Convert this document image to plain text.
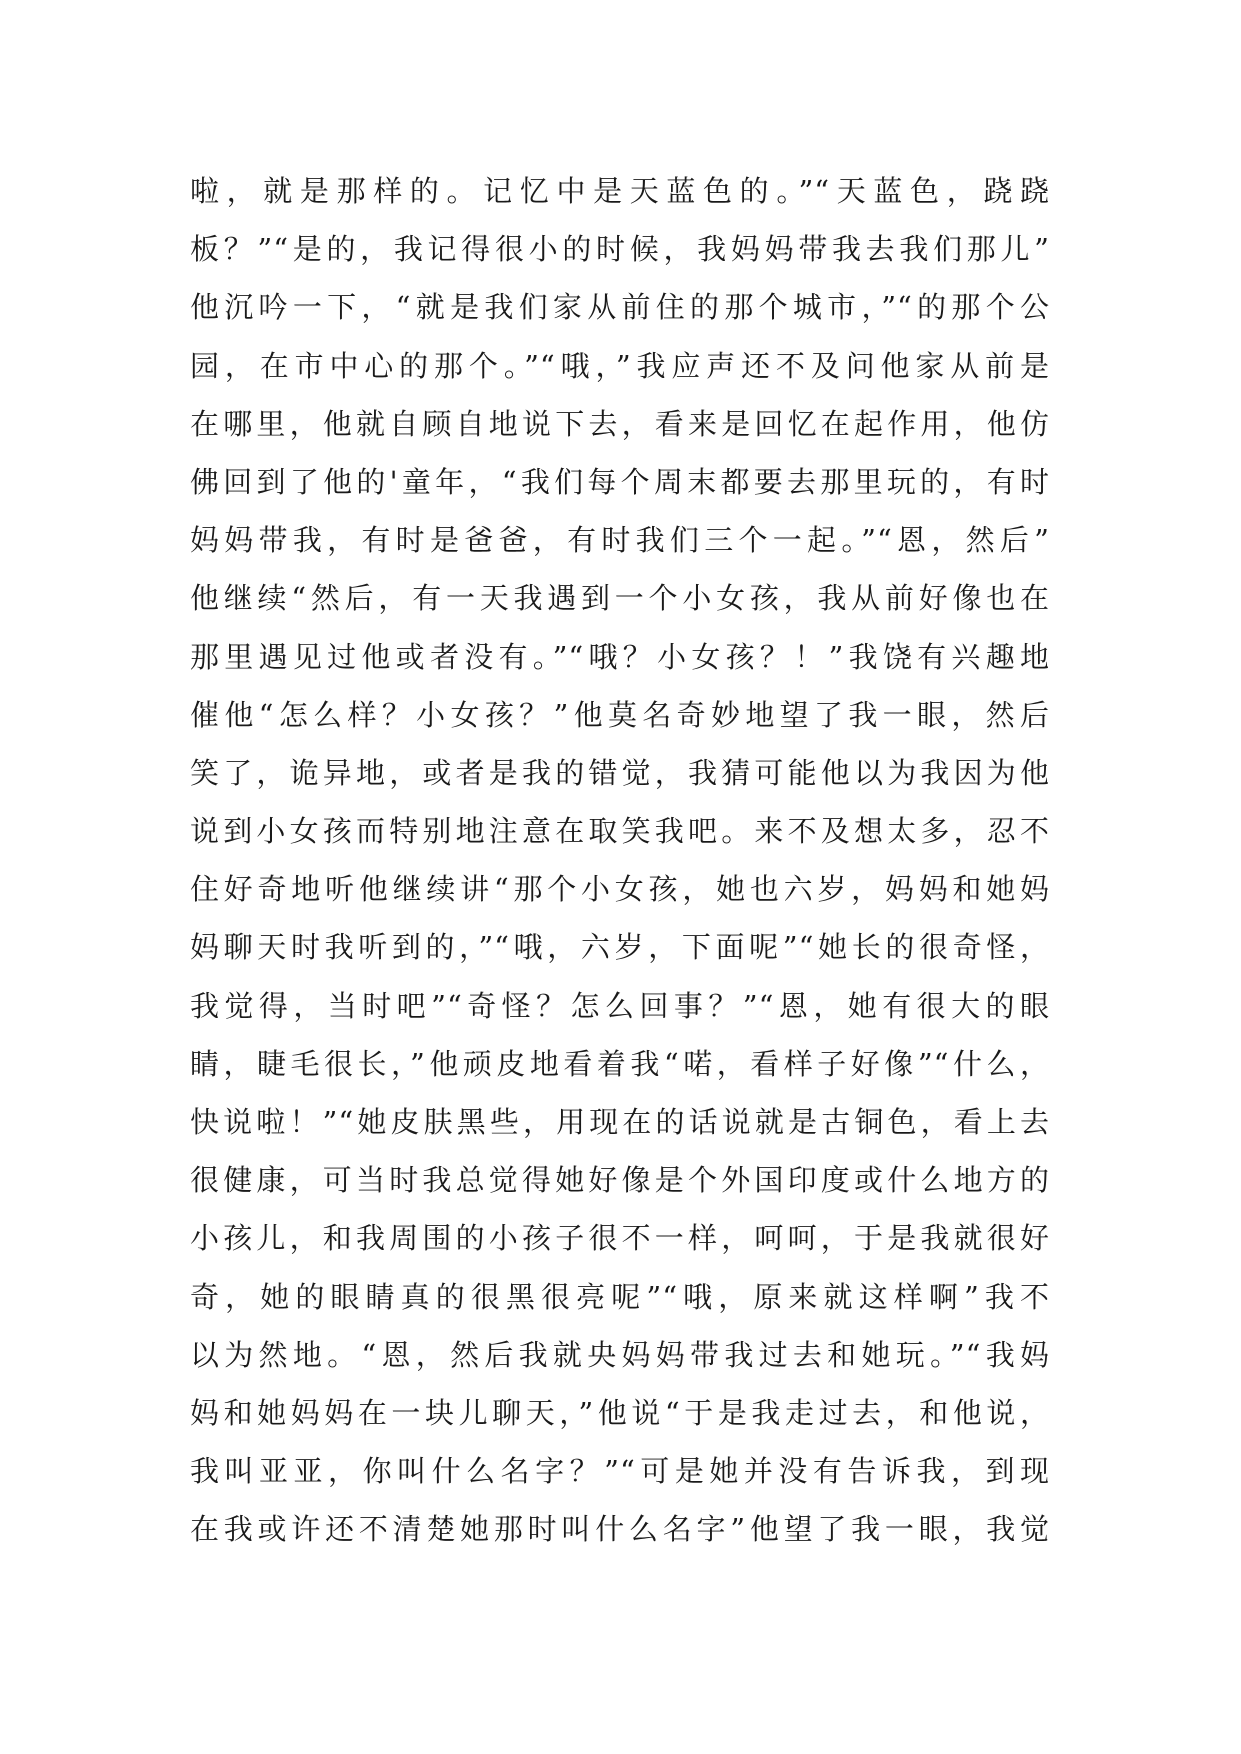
啦，就是那样的。记忆中是天蓝色的。”“天蓝色，跷跷
板？”“是的，我记得很小的时候，我妈妈带我去我们那儿”
他沉吟一下，“就是我们家从前住的那个城市，”“的那个公
园，在市中心的那个。”“哦，”我应声还不及问他家从前是
在哪里，他就自顾自地说下去，看来是回忆在起作用，他仿
佛回到了他的'童年，“我们每个周末都要去那里玩的，有时
妈妈带我，有时是爸爸，有时我们三个一起。”“恩，然后”
他继续“然后，有一天我遇到一个小女孩，我从前好像也在
那里遇见过他或者没有。”“哦？小女孩？！”我饶有兴趣地
催他“怎么样？小女孩？”他莫名奇妙地望了我一眼，然后
笑了，诡异地，或者是我的错觉，我猜可能他以为我因为他
说到小女孩而特别地注意在取笑我吧。来不及想太多，忍不
住好奇地听他继续讲“那个小女孩，她也六岁，妈妈和她妈
妈聊天时我听到的，”“哦，六岁，下面呢”“她长的很奇怪，
我觉得，当时吧”“奇怪？怎么回事？”“恩，她有很大的眼
睛，睫毛很长，”他顽皮地看着我“喏，看样子好像”“什么，
快说啦！”“她皮肤黑些，用现在的话说就是古铜色，看上去
很健康，可当时我总觉得她好像是个外国印度或什么地方的
小孩儿，和我周围的小孩子很不一样，呵呵，于是我就很好
奇，她的眼睛真的很黑很亮呢”“哦，原来就这样啊”我不
以为然地。“恩，然后我就央妈妈带我过去和她玩。”“我妈
妈和她妈妈在一块儿聊天，”他说“于是我走过去，和他说，
我叫亚亚，你叫什么名字？”“可是她并没有告诉我，到现
在我或许还不清楚她那时叫什么名字”他望了我一眼，我觉
